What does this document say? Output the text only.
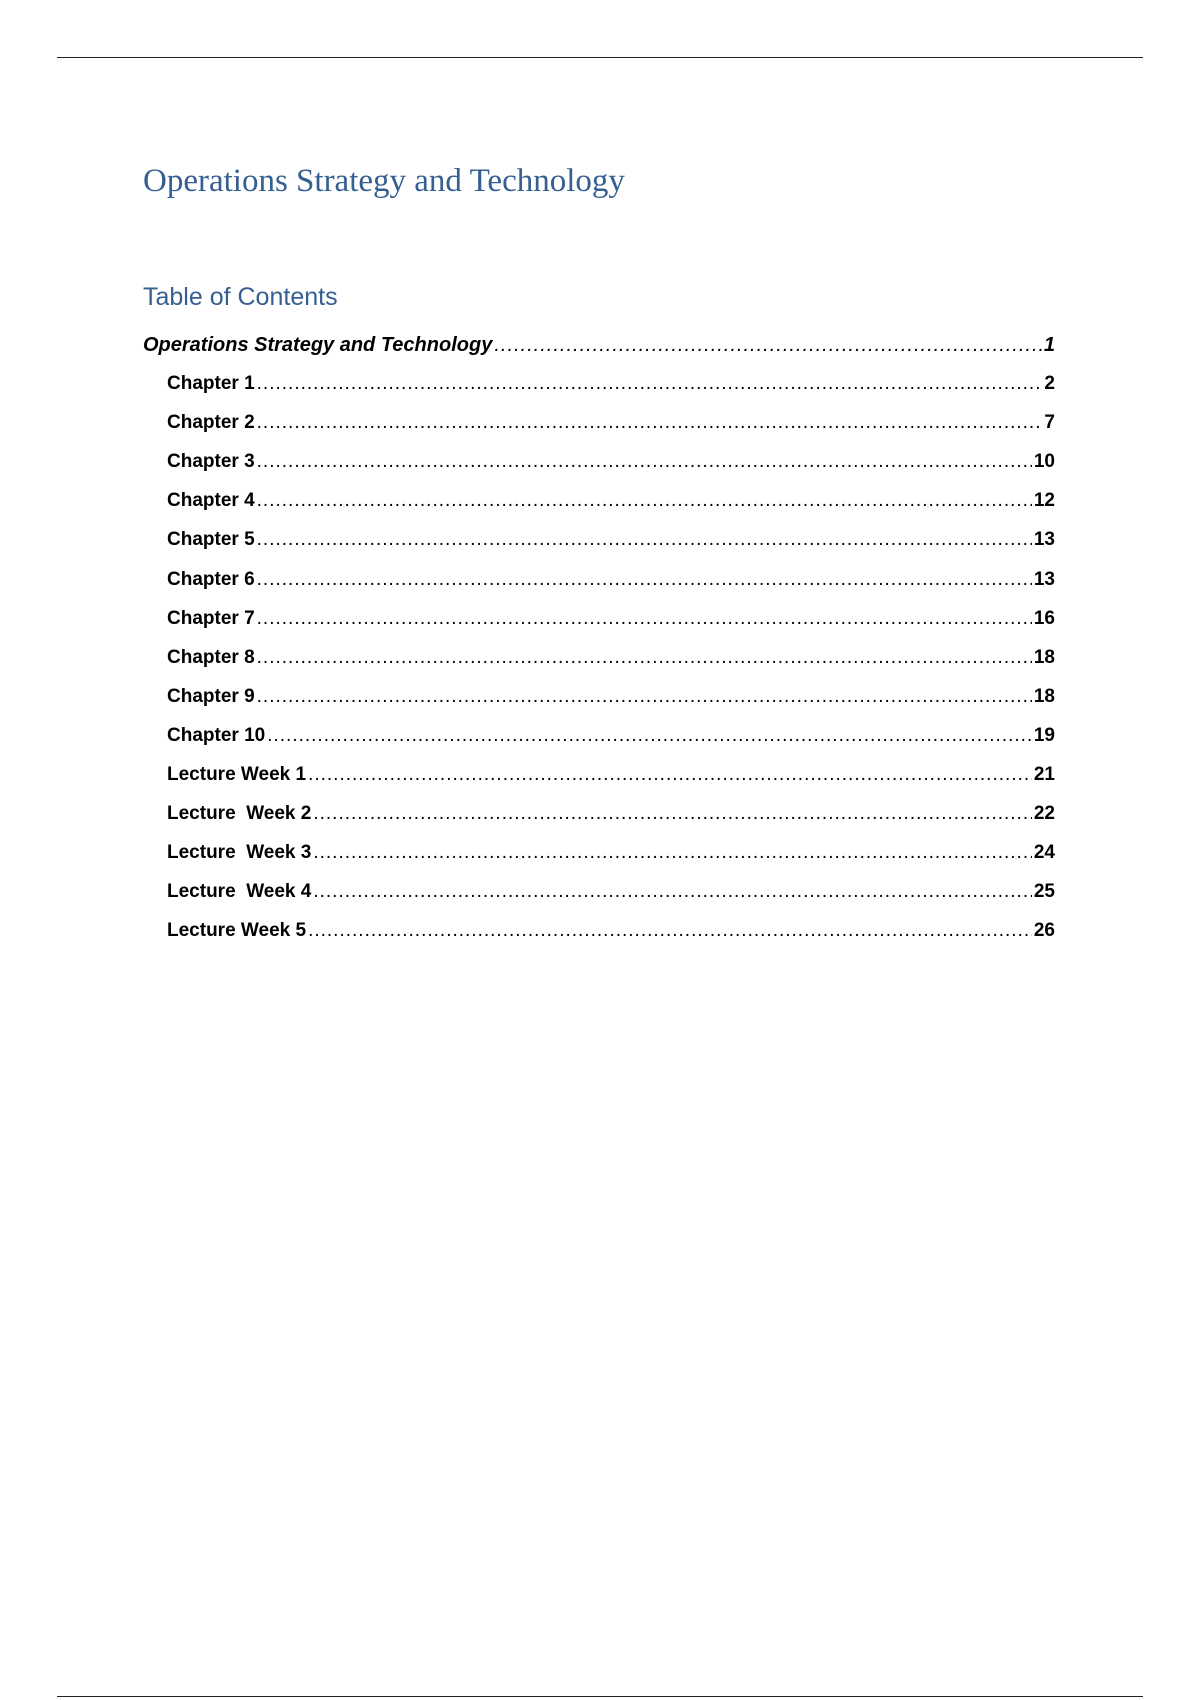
Operations Strategy and Technology
Table of Contents
Operations Strategy and Technology .....	1
Chapter 1 .....	2
Chapter 2 .....	7
Chapter 3 .....	10
Chapter 4 .....	12
Chapter 5 .....	13
Chapter 6 .....	13
Chapter 7 .....	16
Chapter 8 .....	18
Chapter 9 .....	18
Chapter 10 .....	19
Lecture Week 1 .....	21
Lecture  Week 2 .....	22
Lecture  Week 3 .....	24
Lecture  Week 4 .....	25
Lecture Week 5 .....	26
